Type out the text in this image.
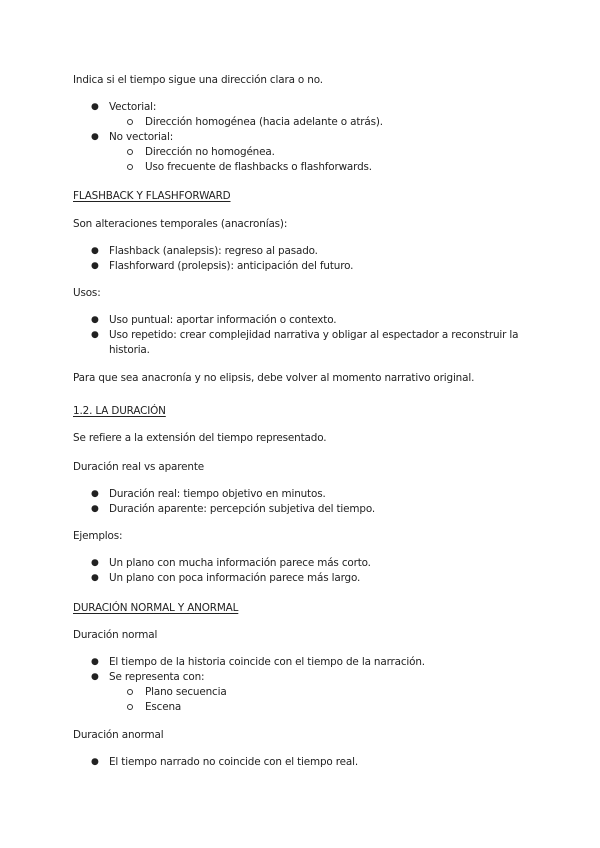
Indica si el tiempo sigue una dirección clara o no.
● Vectorial:
Dirección homogénea (hacia adelante o atrás).
● No vectorial:
Dirección no homogénea.
Uso frecuente de flashbacks o flashforwards.
FLASHBACK Y FLASHFORWARD
Son alteraciones temporales (anacronías):
● Flashback (analepsis): regreso al pasado.
● Flashforward (prolepsis): anticipación del futuro.
Usos:
● Uso puntual: aportar información o contexto.
● Uso repetido: crear complejidad narrativa y obligar al espectador a reconstruir la
historia.
Para que sea anacronía y no elipsis, debe volver al momento narrativo original.
1.2. LA DURACIÓN
Se refiere a la extensión del tiempo representado.
Duración real vs aparente
● Duración real: tiempo objetivo en minutos.
● Duración aparente: percepción subjetiva del tiempo.
Ejemplos:
● Un plano con mucha información parece más corto.
● Un plano con poca información parece más largo.
DURACIÓN NORMAL Y ANORMAL
Duración normal
● El tiempo de la historia coincide con el tiempo de la narración.
● Se representa con:
Plano secuencia
Escena
Duración anormal
● El tiempo narrado no coincide con el tiempo real.
